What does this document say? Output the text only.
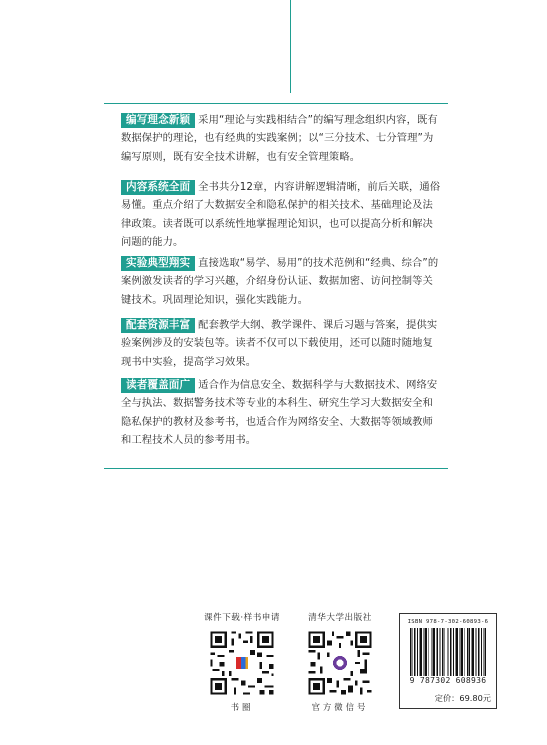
编写理念新颖 采用“理论与实践相结合”的编写理念组织内容，既有数据保护的理论，也有经典的实践案例；以“三分技术、七分管理”为编写原则，既有安全技术讲解，也有安全管理策略。
内容系统全面 全书共分12章，内容讲解逻辑清晰，前后关联，通俗易懂。重点介绍了大数据安全和隐私保护的相关技术、基础理论及法律政策。读者既可以系统性地掌握理论知识，也可以提高分析和解决问题的能力。
实验典型翔实 直接选取“易学、易用”的技术范例和“经典、综合”的案例激发读者的学习兴趣，介绍身份认证、数据加密、访问控制等关键技术。巩固理论知识，强化实践能力。
配套资源丰富 配套教学大纲、教学课件、课后习题与答案，提供实验案例涉及的安装包等。读者不仅可以下载使用，还可以随时随地复现书中实验，提高学习效果。
读者覆盖面广 适合作为信息安全、数据科学与大数据技术、网络安全与执法、数据警务技术等专业的本科生、研究生学习大数据安全和隐私保护的教材及参考书，也适合作为网络安全、大数据等领域教师和工程技术人员的参考用书。
课件下载·样书申请
书圈
清华大学出版社
官方微信号
ISBN 978-7-302-60893-6
9 787302 608936
定价：69.80元
